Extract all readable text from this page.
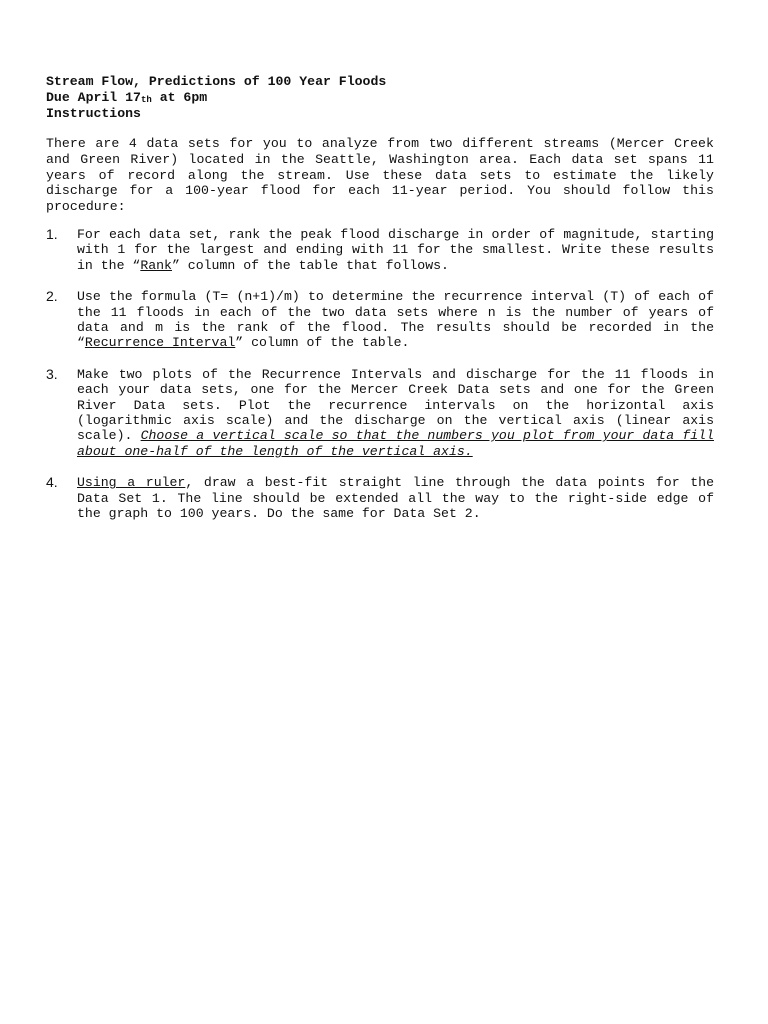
Stream Flow, Predictions of 100 Year Floods
Due April $17_{th}$ at 6pm
Instructions
There are 4 data sets for you to analyze from two different streams (Mercer Creek and Green River) located in the Seattle, Washington area. Each data set spans 11 years of record along the stream. Use these data sets to estimate the likely discharge for a 100-year flood for each 11-year period. You should follow this procedure:
1. For each data set, rank the peak flood discharge in order of magnitude, starting with 1 for the largest and ending with 11 for the smallest. Write these results in the “Rank” column of the table that follows.
2. Use the formula (T= (n+1)/m) to determine the recurrence interval (T) of each of the 11 floods in each of the two data sets where n is the number of years of data and m is the rank of the flood. The results should be recorded in the “Recurrence Interval” column of the table.
3. Make two plots of the Recurrence Intervals and discharge for the 11 floods in each your data sets, one for the Mercer Creek Data sets and one for the Green River Data sets. Plot the recurrence intervals on the horizontal axis (logarithmic axis scale) and the discharge on the vertical axis (linear axis scale). Choose a vertical scale so that the numbers you plot from your data fill about one-half of the length of the vertical axis.
4. Using a ruler, draw a best-fit straight line through the data points for the Data Set 1. The line should be extended all the way to the right-side edge of the graph to 100 years. Do the same for Data Set 2.
